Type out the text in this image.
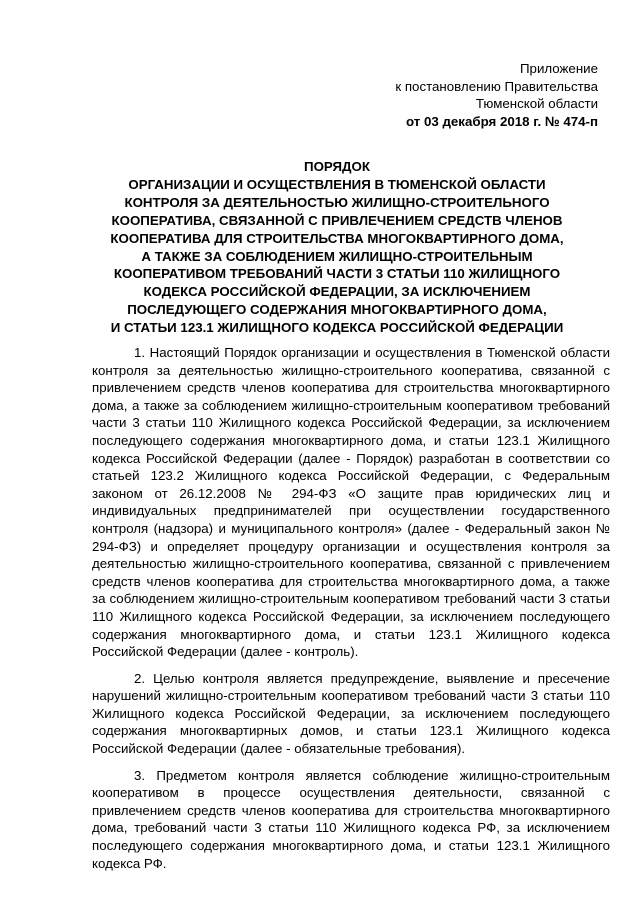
Приложение
к постановлению Правительства
Тюменской области
от 03 декабря 2018 г. № 474-п
ПОРЯДОК
ОРГАНИЗАЦИИ И ОСУЩЕСТВЛЕНИЯ В ТЮМЕНСКОЙ ОБЛАСТИ
КОНТРОЛЯ ЗА ДЕЯТЕЛЬНОСТЬЮ ЖИЛИЩНО-СТРОИТЕЛЬНОГО
КООПЕРАТИВА, СВЯЗАННОЙ С ПРИВЛЕЧЕНИЕМ СРЕДСТВ ЧЛЕНОВ
КООПЕРАТИВА ДЛЯ СТРОИТЕЛЬСТВА МНОГОКВАРТИРНОГО ДОМА,
А ТАКЖЕ ЗА СОБЛЮДЕНИЕМ ЖИЛИЩНО-СТРОИТЕЛЬНЫМ
КООПЕРАТИВОМ ТРЕБОВАНИЙ ЧАСТИ 3 СТАТЬИ 110 ЖИЛИЩНОГО
КОДЕКСА РОССИЙСКОЙ ФЕДЕРАЦИИ, ЗА ИСКЛЮЧЕНИЕМ
ПОСЛЕДУЮЩЕГО СОДЕРЖАНИЯ МНОГОКВАРТИРНОГО ДОМА,
И СТАТЬИ 123.1 ЖИЛИЩНОГО КОДЕКСА РОССИЙСКОЙ ФЕДЕРАЦИИ

1. Настоящий Порядок организации и осуществления в Тюменской области контроля за деятельностью жилищно-строительного кооператива, связанной с привлечением средств членов кооператива для строительства многоквартирного дома, а также за соблюдением жилищно-строительным кооперативом требований части 3 статьи 110 Жилищного кодекса Российской Федерации, за исключением последующего содержания многоквартирного дома, и статьи 123.1 Жилищного кодекса Российской Федерации (далее - Порядок) разработан в соответствии со статьей 123.2 Жилищного кодекса Российской Федерации, с Федеральным законом от 26.12.2008 № 294-ФЗ «О защите прав юридических лиц и индивидуальных предпринимателей при осуществлении государственного контроля (надзора) и муниципального контроля» (далее - Федеральный закон № 294-ФЗ) и определяет процедуру организации и осуществления контроля за деятельностью жилищно-строительного кооператива, связанной с привлечением средств членов кооператива для строительства многоквартирного дома, а также за соблюдением жилищно-строительным кооперативом требований части 3 статьи 110 Жилищного кодекса Российской Федерации, за исключением последующего содержания многоквартирного дома, и статьи 123.1 Жилищного кодекса Российской Федерации (далее - контроль).

2. Целью контроля является предупреждение, выявление и пресечение нарушений жилищно-строительным кооперативом требований части 3 статьи 110 Жилищного кодекса Российской Федерации, за исключением последующего содержания многоквартирных домов, и статьи 123.1 Жилищного кодекса Российской Федерации (далее - обязательные требования).

3. Предметом контроля является соблюдение жилищно-строительным кооперативом в процессе осуществления деятельности, связанной с привлечением средств членов кооператива для строительства многоквартирного дома, требований части 3 статьи 110 Жилищного кодекса РФ, за исключением последующего содержания многоквартирного дома, и статьи 123.1 Жилищного кодекса РФ.
